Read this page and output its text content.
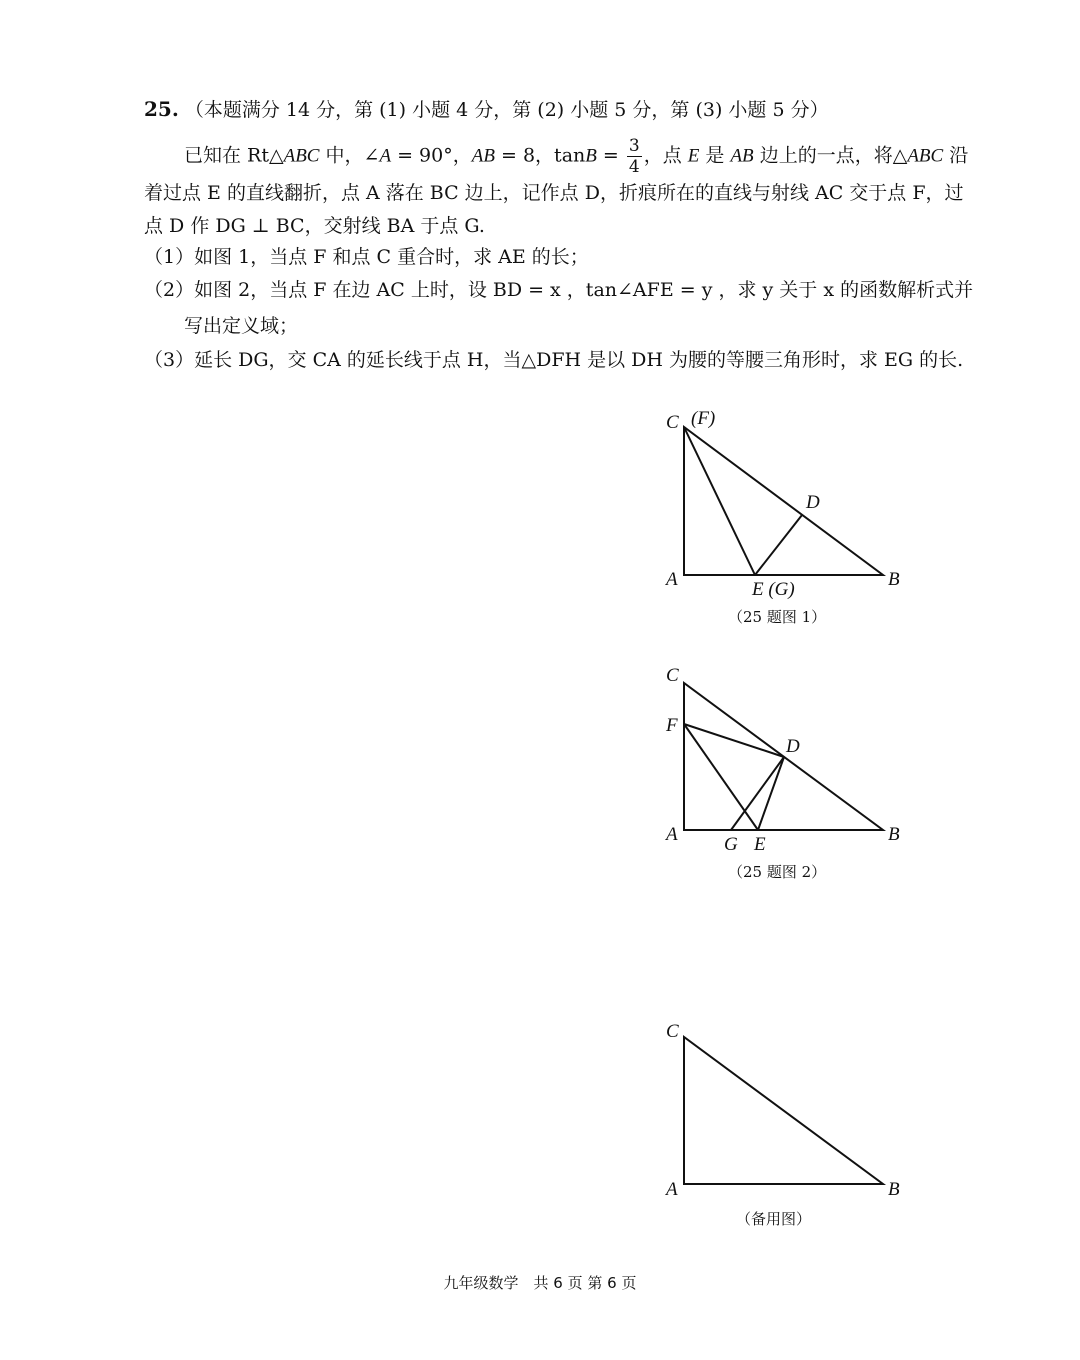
25. （本题满分 14 分，第 (1) 小题 4 分，第 (2) 小题 5 分，第 (3) 小题 5 分）
已知在 Rt△ABC 中，∠A = 90°，AB = 8，$\tan B = \frac{3}{4}$ ，点 E 是 AB 边上的一点，将△ABC 沿
着过点 E 的直线翻折，点 A 落在 BC 边上，记作点 D，折痕所在的直线与射线 AC 交于点 F，过
点 D 作 DG ⊥ BC，交射线 BA 于点 G.
（1）如图 1，当点 F 和点 C 重合时，求 AE 的长；
（2）如图 2，当点 F 在边 AC 上时，设 BD = x ，tan∠AFE = y ，求 y 关于 x 的函数解析式并
写出定义域；
（3）延长 DG，交 CA 的延长线于点 H，当△DFH 是以 DH 为腰的等腰三角形时，求 EG 的长.
C (F)
D
A	E (G)	B
（25 题图 1）
C
F
D
A G E	B
（25 题图 2）
C
A	B
（备用图）
九年级数学　共 6 页 第 6 页
